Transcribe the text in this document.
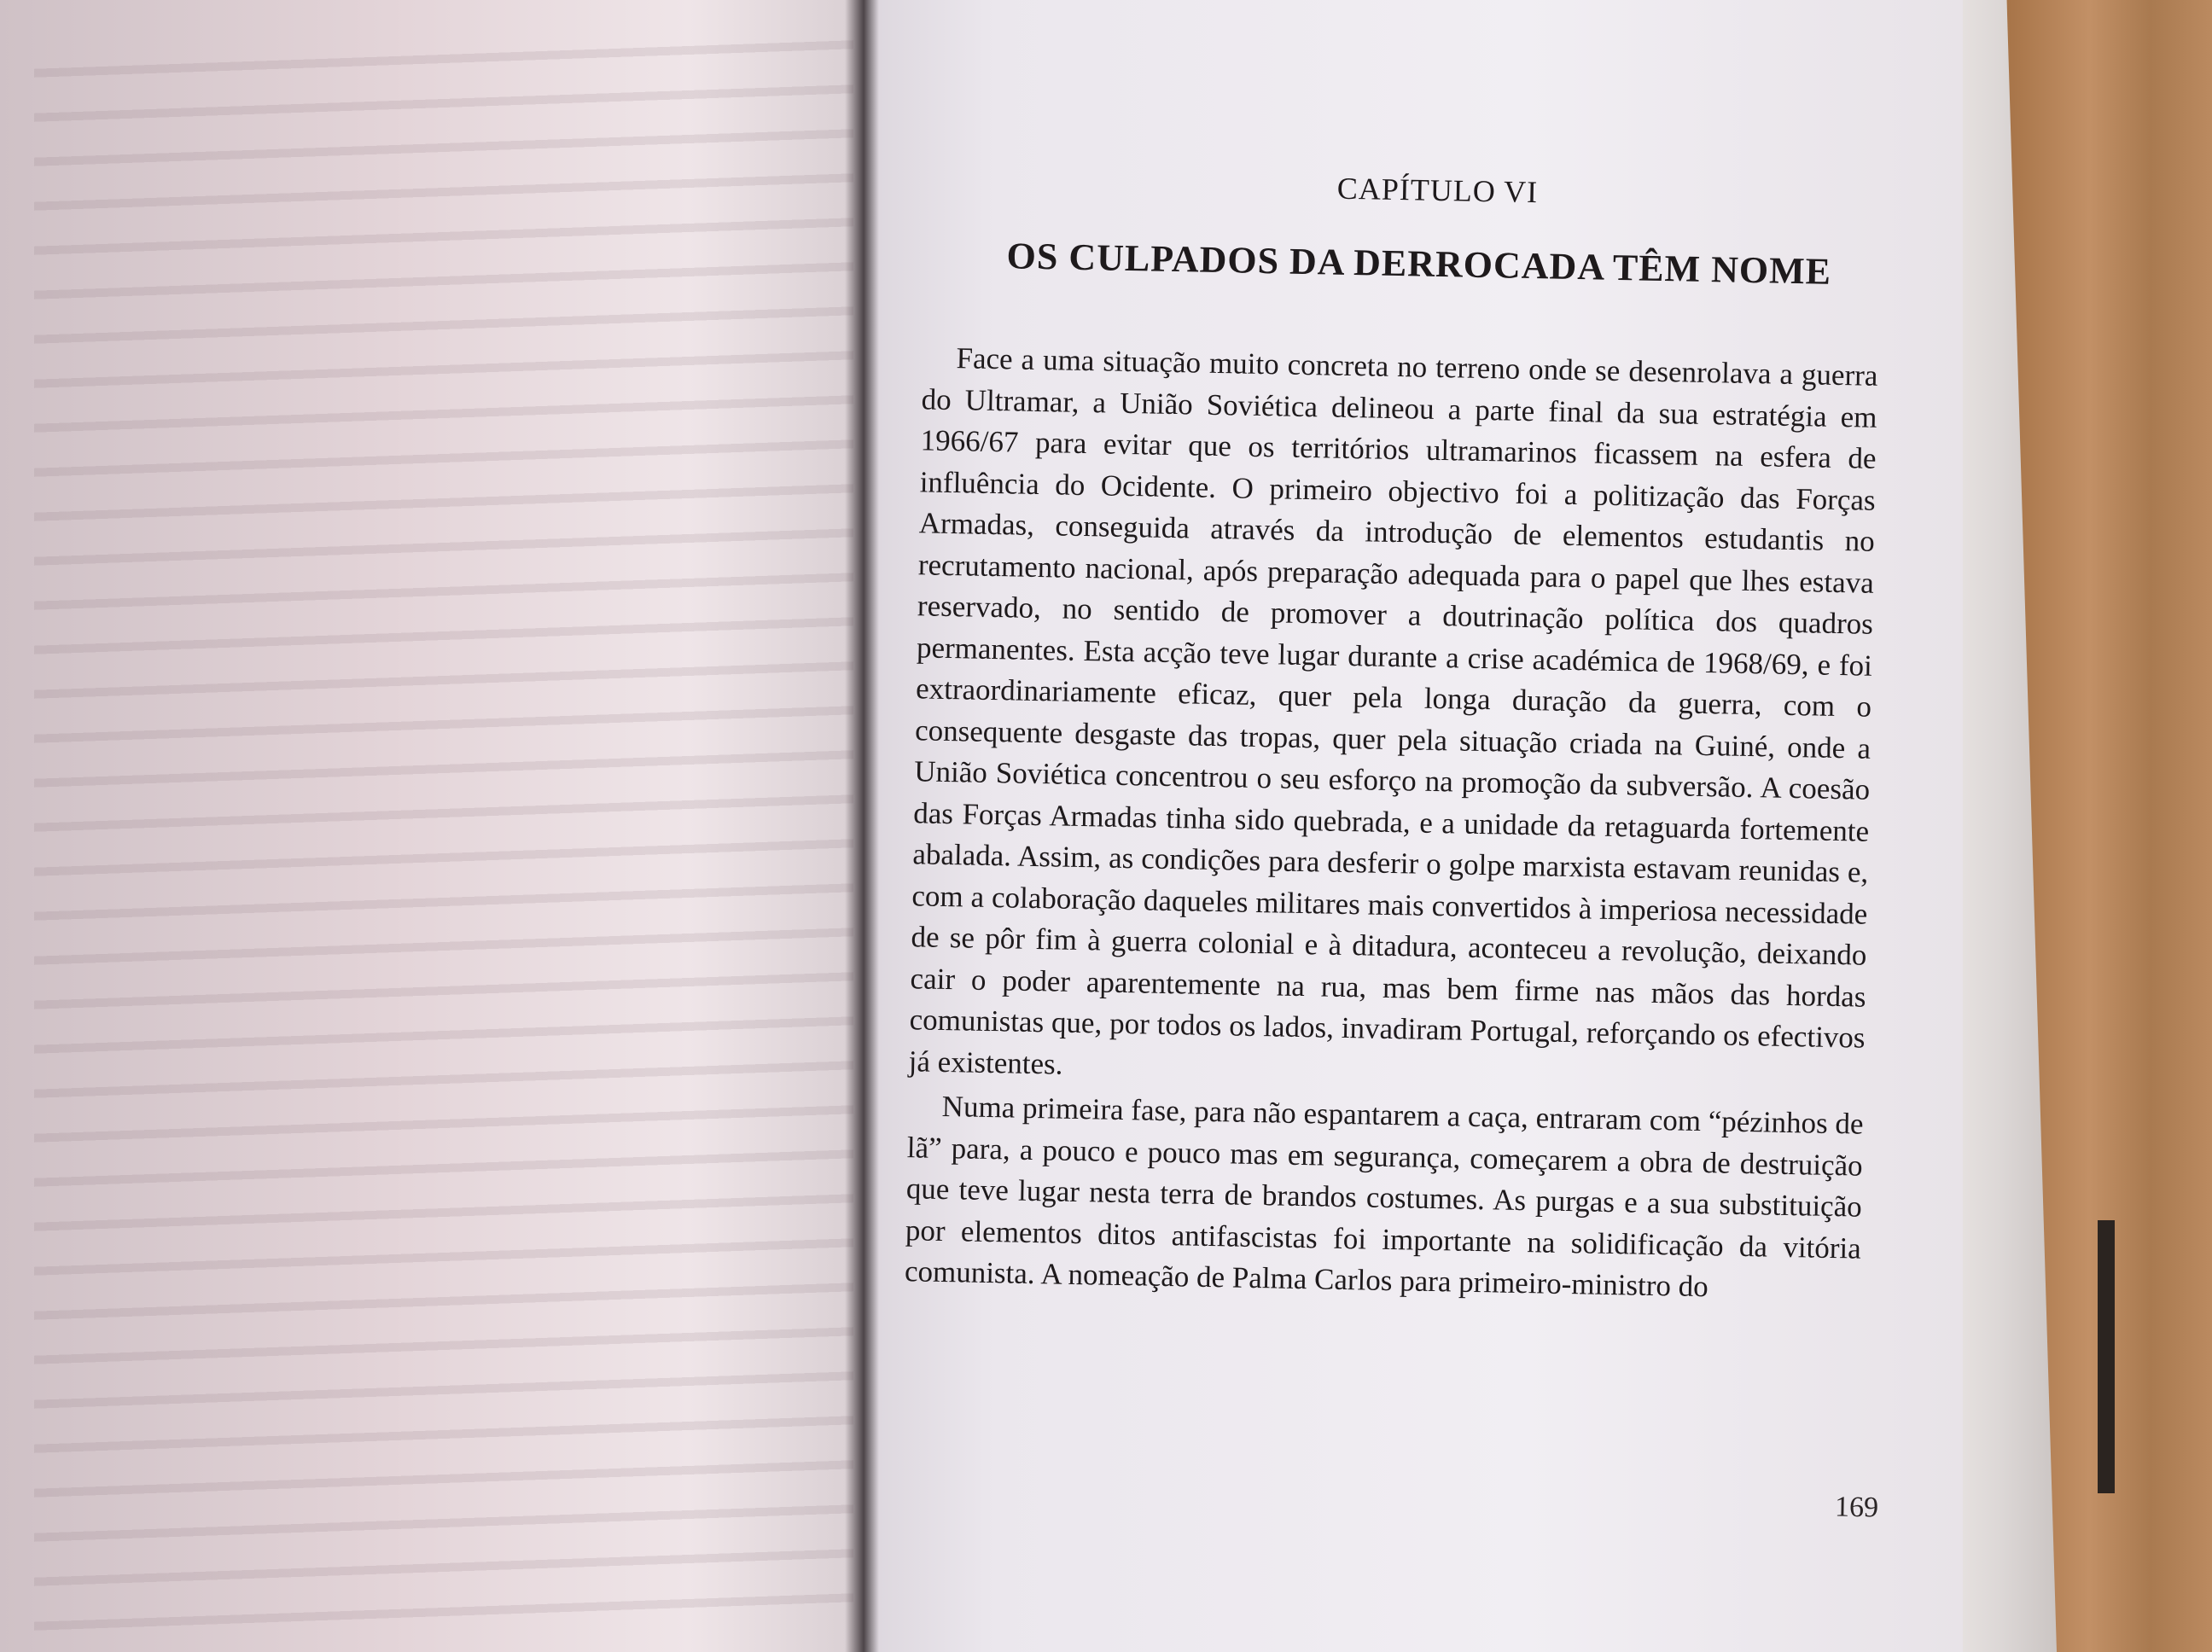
CAPÍTULO VI
OS CULPADOS DA DERROCADA TÊM NOME

Face a uma situação muito concreta no terreno onde se desenrolava a guerra do Ultramar, a União Soviética delineou a parte final da sua estratégia em 1966/67 para evitar que os territórios ultramarinos ficassem na esfera de influência do Ocidente. O primeiro objectivo foi a politização das Forças Armadas, conseguida através da introdução de elementos estudantis no recrutamento nacional, após preparação adequada para o papel que lhes estava reservado, no sentido de promover a doutrinação política dos quadros permanentes. Esta acção teve lugar durante a crise académica de 1968/69, e foi extraordinariamente eficaz, quer pela longa duração da guerra, com o consequente desgaste das tropas, quer pela situação criada na Guiné, onde a União Soviética concentrou o seu esforço na promoção da subversão. A coesão das Forças Armadas tinha sido quebrada, e a unidade da retaguarda fortemente abalada. Assim, as condições para desferir o golpe marxista estavam reunidas e, com a colaboração daqueles militares mais convertidos à imperiosa necessidade de se pôr fim à guerra colonial e à ditadura, aconteceu a revolução, deixando cair o poder aparentemente na rua, mas bem firme nas mãos das hordas comunistas que, por todos os lados, invadiram Portugal, reforçando os efectivos já existentes.

Numa primeira fase, para não espantarem a caça, entraram com “pézinhos de lã” para, a pouco e pouco mas em segurança, começarem a obra de destruição que teve lugar nesta terra de brandos costumes. As purgas e a sua substituição por elementos ditos antifascistas foi importante na solidificação da vitória comunista. A nomeação de Palma Carlos para primeiro-ministro do

169
